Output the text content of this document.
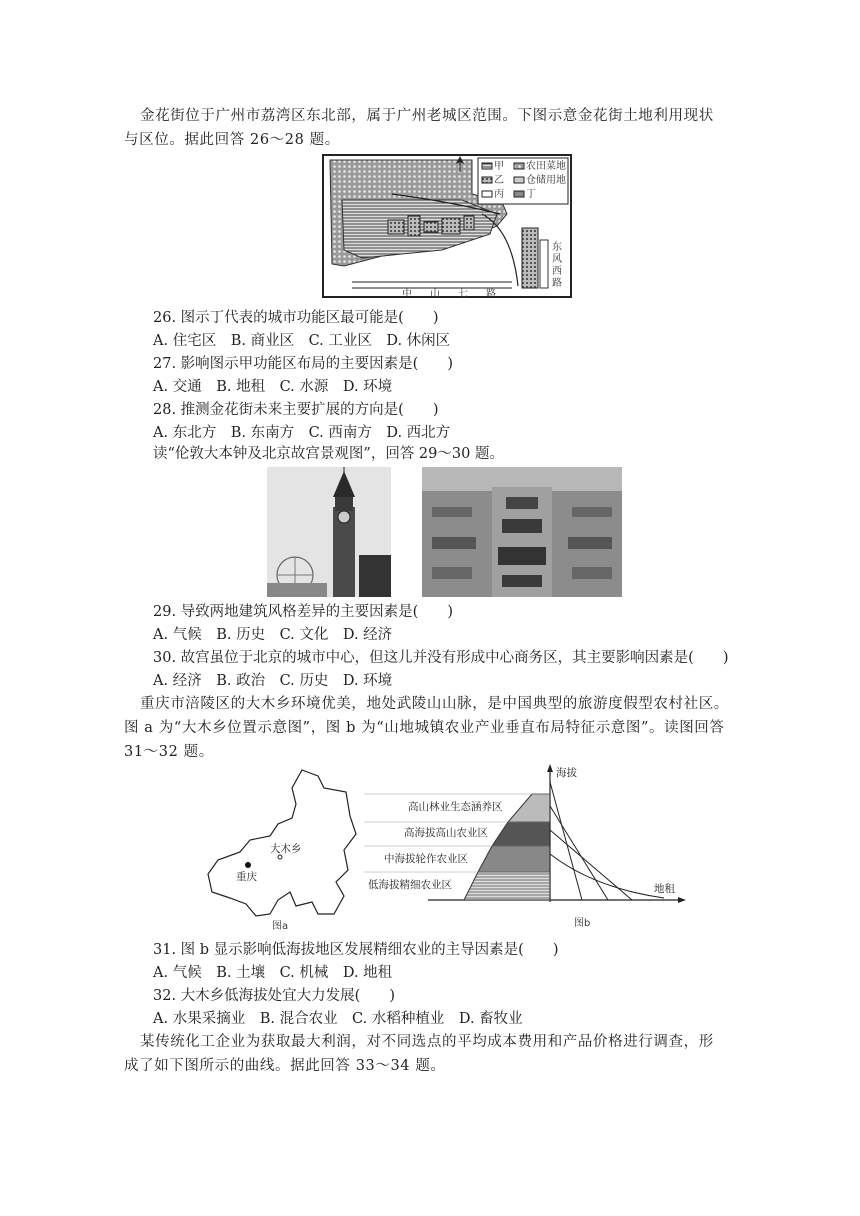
金花街位于广州市荔湾区东北部，属于广州老城区范围。下图示意金花街土地利用现状
与区位。据此回答 26～28 题。
甲 农田菜地
乙 仓储用地
丙 丁
中 山 七 路
东
风
西
路
26. 图示丁代表的城市功能区最可能是(　　)
A. 住宅区　B. 商业区　C. 工业区　D. 休闲区
27. 影响图示甲功能区布局的主要因素是(　　)
A. 交通　B. 地租　C. 水源　D. 环境
28. 推测金花街未来主要扩展的方向是(　　)
A. 东北方　B. 东南方　C. 西南方　D. 西北方
读“伦敦大本钟及北京故宫景观图”，回答 29～30 题。
29. 导致两地建筑风格差异的主要因素是(　　)
A. 气候　B. 历史　C. 文化　D. 经济
30. 故宫虽位于北京的城市中心，但这儿并没有形成中心商务区，其主要影响因素是(　　)
A. 经济　B. 政治　C. 历史　D. 环境
重庆市涪陵区的大木乡环境优美，地处武陵山山脉，是中国典型的旅游度假型农村社区。
图 a 为“大木乡位置示意图”，图 b 为“山地城镇农业产业垂直布局特征示意图”。读图回答
31～32 题。
重庆
大木乡
图a
海拔
地租
高山林业生态涵养区
高海拔高山农业区
中海拔轮作农业区
低海拔精细农业区
图b
31. 图 b 显示影响低海拔地区发展精细农业的主导因素是(　　)
A. 气候　B. 土壤　C. 机械　D. 地租
32. 大木乡低海拔处宜大力发展(　　)
A. 水果采摘业　B. 混合农业　C. 水稻种植业　D. 畜牧业
某传统化工企业为获取最大利润，对不同选点的平均成本费用和产品价格进行调查，形
成了如下图所示的曲线。据此回答 33～34 题。
